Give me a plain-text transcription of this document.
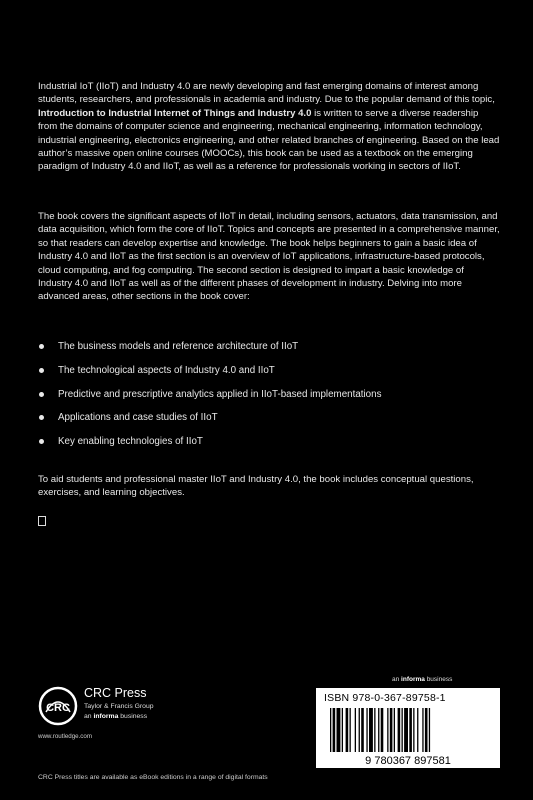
Industrial IoT (IIoT) and Industry 4.0 are newly developing and fast emerging domains of interest among students, researchers, and professionals in academia and industry. Due to the popular demand of this topic, Introduction to Industrial Internet of Things and Industry 4.0 is written to serve a diverse readership from the domains of computer science and engineering, mechanical engineering, information technology, industrial engineering, electronics engineering, and other related branches of engineering. Based on the lead author’s massive open online courses (MOOCs), this book can be used as a textbook on the emerging paradigm of Industry 4.0 and IIoT, as well as a reference for professionals working in sectors of IIoT.

The book covers the significant aspects of IIoT in detail, including sensors, actuators, data transmission, and data acquisition, which form the core of IIoT. Topics and concepts are presented in a comprehensive manner, so that readers can develop expertise and knowledge. The book helps beginners to gain a basic idea of Industry 4.0 and IIoT as the first section is an overview of IoT applications, infrastructure-based protocols, cloud computing, and fog computing. The second section is designed to impart a basic knowledge of Industry 4.0 and IIoT as well as of the different phases of development in industry. Delving into more advanced areas, other sections in the book cover:

The business models and reference architecture of IIoT
The technological aspects of Industry 4.0 and IIoT
Predictive and prescriptive analytics applied in IIoT-based implementations
Applications and case studies of IIoT
Key enabling technologies of IIoT

To aid students and professional master IIoT and Industry 4.0, the book includes conceptual questions, exercises, and learning objectives.

an informa business
ISBN 978-0-367-89758-1
9 780367 897581
CRC
CRC Press
Taylor & Francis Group
an informa business
www.routledge.com
CRC Press titles are available as eBook editions in a range of digital formats
